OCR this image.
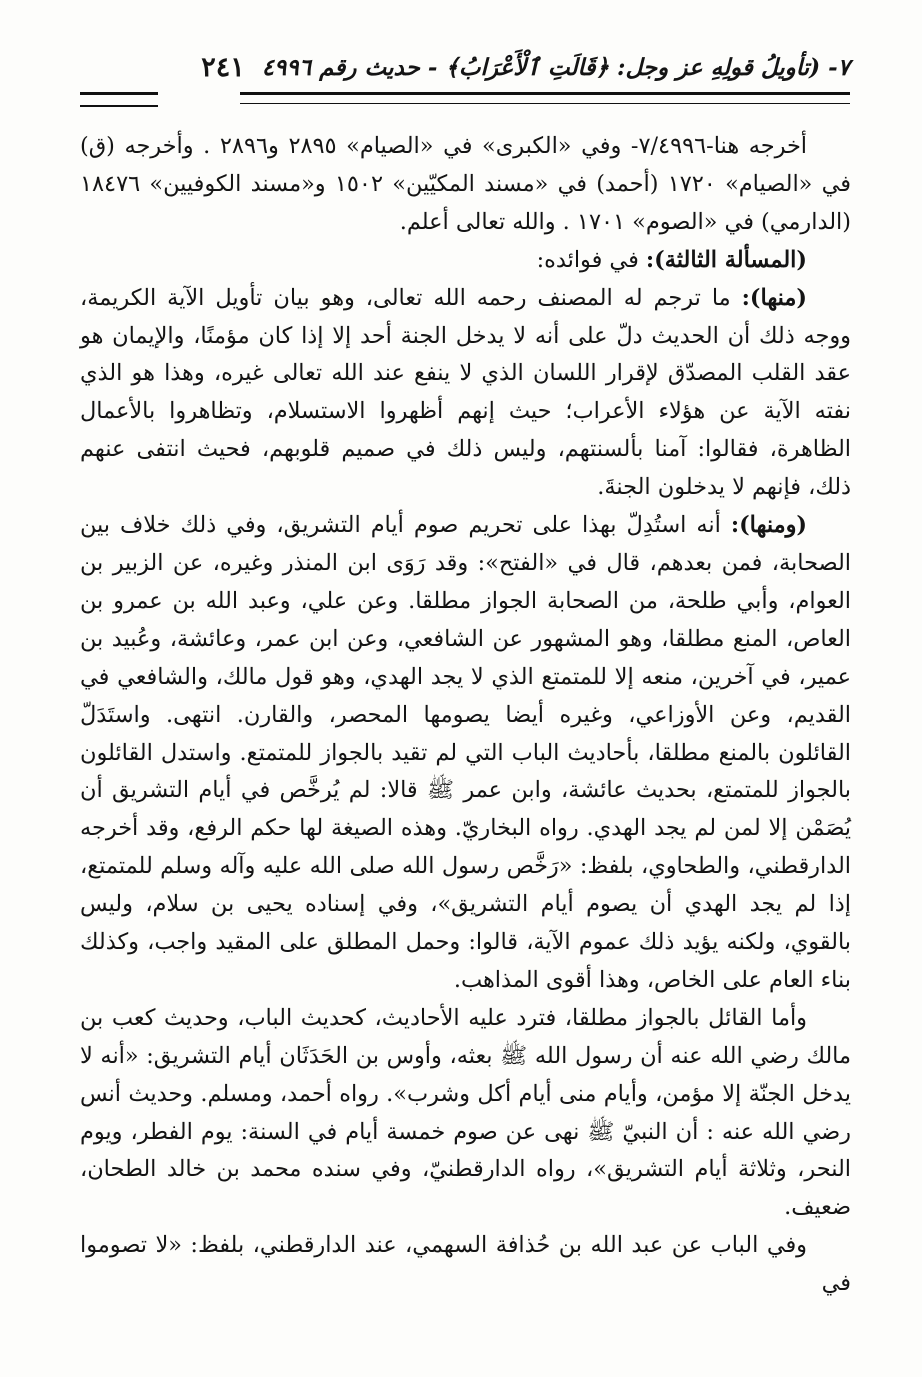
٢٤١ ٧- (تأويلُ قولِهِ عز وجل: ﴿قَالَتِ ٱلْأَعْرَابُ﴾ - حديث رقم ٤٩٩٦

أخرجه هنا-٧/٤٩٩٦- وفي «الكبرى» في «الصيام» ٢٨٩٥ و٢٨٩٦ . وأخرجه (ق) في «الصيام» ١٧٢٠ (أحمد) في «مسند المكيّين» ١٥٠٢ و«مسند الكوفيين» ١٨٤٧٦ (الدارمي) في «الصوم» ١٧٠١ . والله تعالى أعلم.

(المسألة الثالثة): في فوائده:

(منها): ما ترجم له المصنف رحمه الله تعالى، وهو بيان تأويل الآية الكريمة، ووجه ذلك أن الحديث دلّ على أنه لا يدخل الجنة أحد إلا إذا كان مؤمنًا، والإيمان هو عقد القلب المصدّق لإقرار اللسان الذي لا ينفع عند الله تعالى غيره، وهذا هو الذي نفته الآية عن هؤلاء الأعراب؛ حيث إنهم أظهروا الاستسلام، وتظاهروا بالأعمال الظاهرة، فقالوا: آمنا بألسنتهم، وليس ذلك في صميم قلوبهم، فحيث انتفى عنهم ذلك، فإنهم لا يدخلون الجنةَ.

(ومنها): أنه استُدِلّ بهذا على تحريم صوم أيام التشريق، وفي ذلك خلاف بين الصحابة، فمن بعدهم، قال في «الفتح»: وقد رَوَى ابن المنذر وغيره، عن الزبير بن العوام، وأبي طلحة، من الصحابة الجواز مطلقا. وعن علي، وعبد الله بن عمرو بن العاص، المنع مطلقا، وهو المشهور عن الشافعي، وعن ابن عمر، وعائشة، وعُبيد بن عمير، في آخرين، منعه إلا للمتمتع الذي لا يجد الهدي، وهو قول مالك، والشافعي في القديم، وعن الأوزاعي، وغيره أيضا يصومها المحصر، والقارن. انتهى. واستَدَلّ القائلون بالمنع مطلقا، بأحاديث الباب التي لم تقيد بالجواز للمتمتع. واستدل القائلون بالجواز للمتمتع، بحديث عائشة، وابن عمر ﷺ قالا: لم يُرخَّص في أيام التشريق أن يُصَمْن إلا لمن لم يجد الهدي. رواه البخاريّ. وهذه الصيغة لها حكم الرفع، وقد أخرجه الدارقطني، والطحاوي، بلفظ: «رَخَّص رسول الله صلى الله عليه وآله وسلم للمتمتع، إذا لم يجد الهدي أن يصوم أيام التشريق»، وفي إسناده يحيى بن سلام، وليس بالقوي، ولكنه يؤيد ذلك عموم الآية، قالوا: وحمل المطلق على المقيد واجب، وكذلك بناء العام على الخاص، وهذا أقوى المذاهب.

وأما القائل بالجواز مطلقا، فترد عليه الأحاديث، كحديث الباب، وحديث كعب بن مالك رضي الله عنه أن رسول الله ﷺ بعثه، وأوس بن الحَدَثَان أيام التشريق: «أنه لا يدخل الجنّة إلا مؤمن، وأيام منى أيام أكل وشرب». رواه أحمد، ومسلم. وحديث أنس رضي الله عنه : أن النبيّ ﷺ نهى عن صوم خمسة أيام في السنة: يوم الفطر، ويوم النحر، وثلاثة أيام التشريق»، رواه الدارقطنيّ، وفي سنده محمد بن خالد الطحان، ضعيف.

وفي الباب عن عبد الله بن حُذافة السهمي، عند الدارقطني، بلفظ: «لا تصوموا في
